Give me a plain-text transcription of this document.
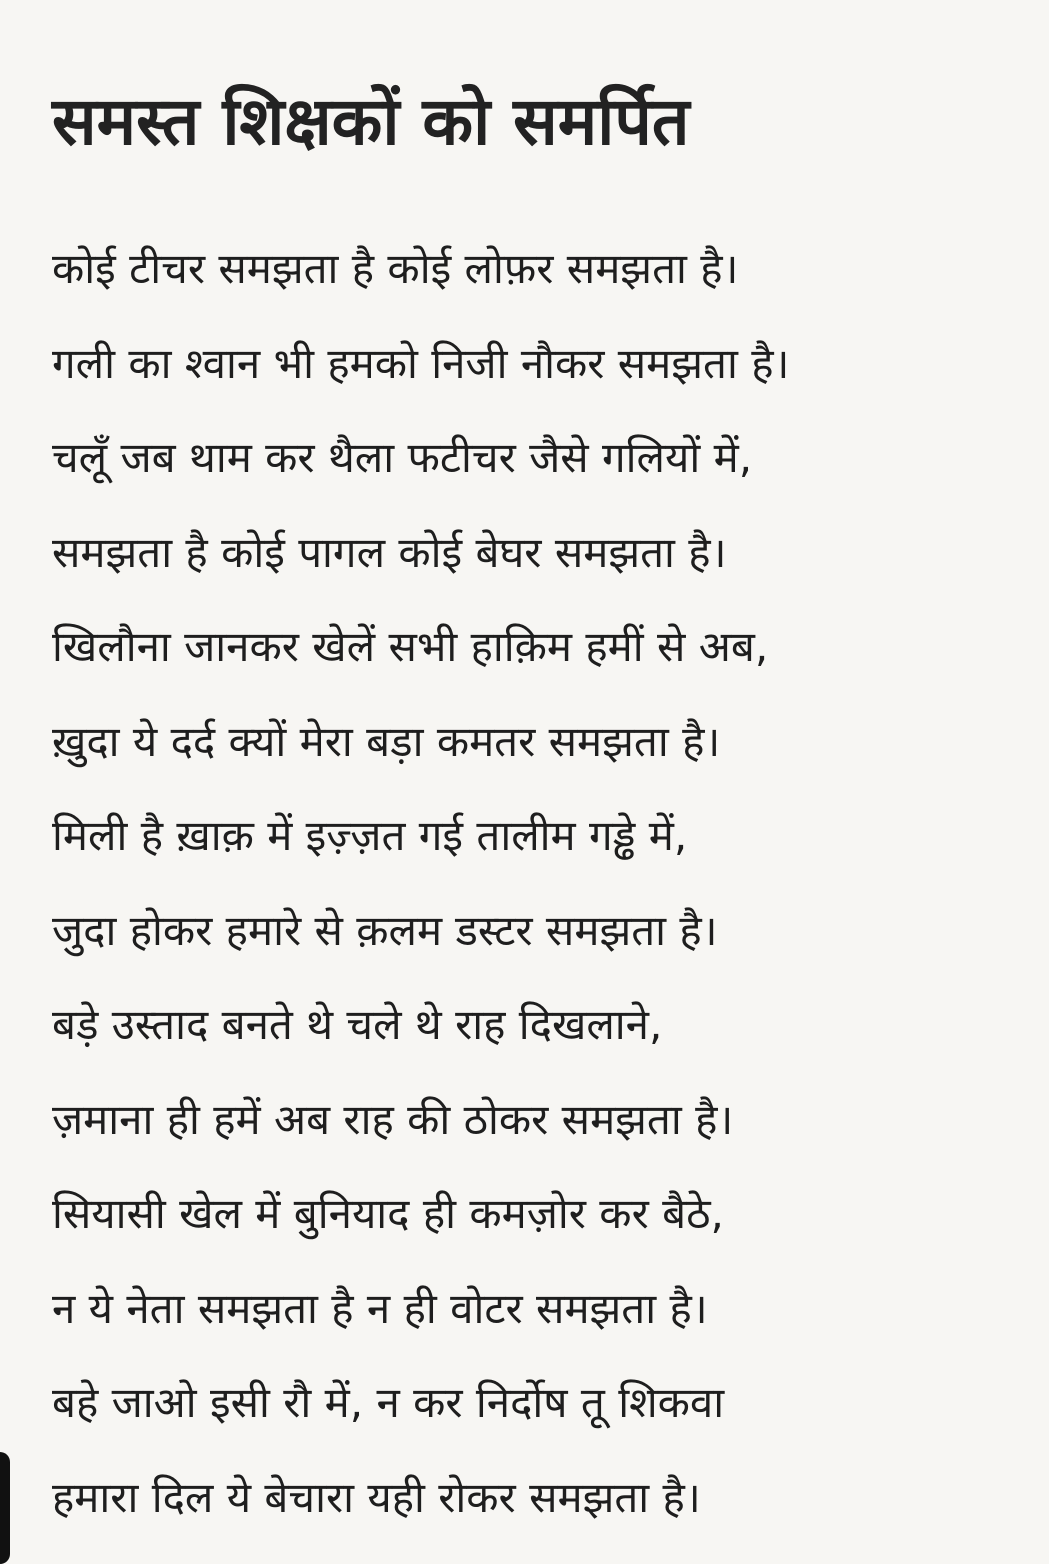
समस्त शिक्षकों को समर्पित
कोई टीचर समझता है कोई लोफ़र समझता है।
गली का श्वान भी हमको निजी नौकर समझता है।
चलूँ जब थाम कर थैला फटीचर जैसे गलियों में,
समझता है कोई पागल कोई बेघर समझता है।
खिलौना जानकर खेलें सभी हाक़िम हमीं से अब,
ख़ुदा ये दर्द क्यों मेरा बड़ा कमतर समझता है।
मिली है ख़ाक़ में इज़्ज़त गई तालीम गड्ढे में,
जुदा होकर हमारे से क़लम डस्टर समझता है।
बड़े उस्ताद बनते थे चले थे राह दिखलाने,
ज़माना ही हमें अब राह की ठोकर समझता है।
सियासी खेल में बुनियाद ही कमज़ोर कर बैठे,
न ये नेता समझता है न ही वोटर समझता है।
बहे जाओ इसी रौ में, न कर निर्दोष तू शिकवा
हमारा दिल ये बेचारा यही रोकर समझता है।
